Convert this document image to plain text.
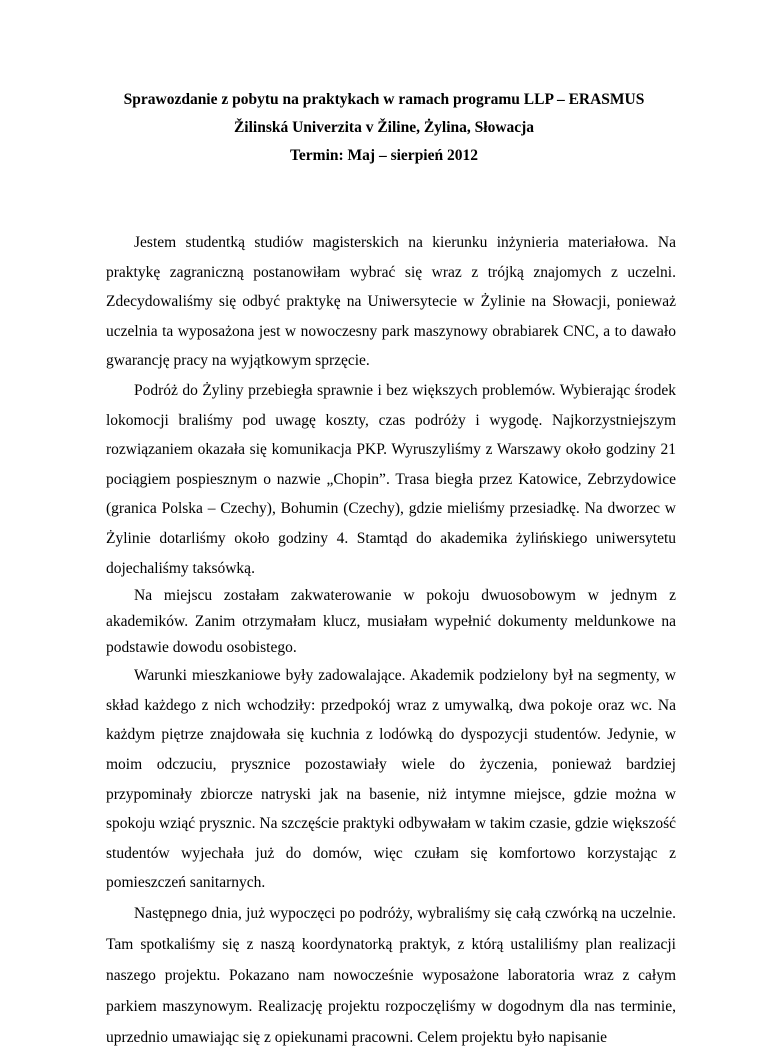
Sprawozdanie z pobytu na praktykach w ramach programu LLP – ERASMUS
Žilinská Univerzita v Žiline, Żylina, Słowacja
Termin: Maj – sierpień 2012

Jestem studentką studiów magisterskich na kierunku inżynieria materiałowa. Na praktykę zagraniczną postanowiłam wybrać się wraz z trójką znajomych z uczelni. Zdecydowaliśmy się odbyć praktykę na Uniwersytecie w Żylinie na Słowacji, ponieważ uczelnia ta wyposażona jest w nowoczesny park maszynowy obrabiarek CNC, a to dawało gwarancję pracy na wyjątkowym sprzęcie.

Podróż do Żyliny przebiegła sprawnie i bez większych problemów. Wybierając środek lokomocji braliśmy pod uwagę koszty, czas podróży i wygodę. Najkorzystniejszym rozwiązaniem okazała się komunikacja PKP. Wyruszyliśmy z Warszawy około godziny 21 pociągiem pospiesznym o nazwie „Chopin”. Trasa biegła przez Katowice, Zebrzydowice (granica Polska – Czechy), Bohumin (Czechy), gdzie mieliśmy przesiadkę. Na dworzec w Żylinie dotarliśmy około godziny 4. Stamtąd do akademika żylińskiego uniwersytetu dojechaliśmy taksówką.

Na miejscu zostałam zakwaterowanie w pokoju dwuosobowym w jednym z akademików. Zanim otrzymałam klucz, musiałam wypełnić dokumenty meldunkowe na podstawie dowodu osobistego.

Warunki mieszkaniowe były zadowalające. Akademik podzielony był na segmenty, w skład każdego z nich wchodziły: przedpokój wraz z umywalką, dwa pokoje oraz wc. Na każdym piętrze znajdowała się kuchnia z lodówką do dyspozycji studentów. Jedynie, w moim odczuciu, prysznice pozostawiały wiele do życzenia, ponieważ bardziej przypominały zbiorcze natryski jak na basenie, niż intymne miejsce, gdzie można w spokoju wziąć prysznic. Na szczęście praktyki odbywałam w takim czasie, gdzie większość studentów wyjechała już do domów, więc czułam się komfortowo korzystając z pomieszczeń sanitarnych.

Następnego dnia, już wypoczęci po podróży, wybraliśmy się całą czwórką na uczelnie. Tam spotkaliśmy się z naszą koordynatorką praktyk, z którą ustaliliśmy plan realizacji naszego projektu. Pokazano nam nowocześnie wyposażone laboratoria wraz z całym parkiem maszynowym. Realizację projektu rozpoczęliśmy w dogodnym dla nas terminie, uprzednio umawiając się z opiekunami pracowni. Celem projektu było napisanie
